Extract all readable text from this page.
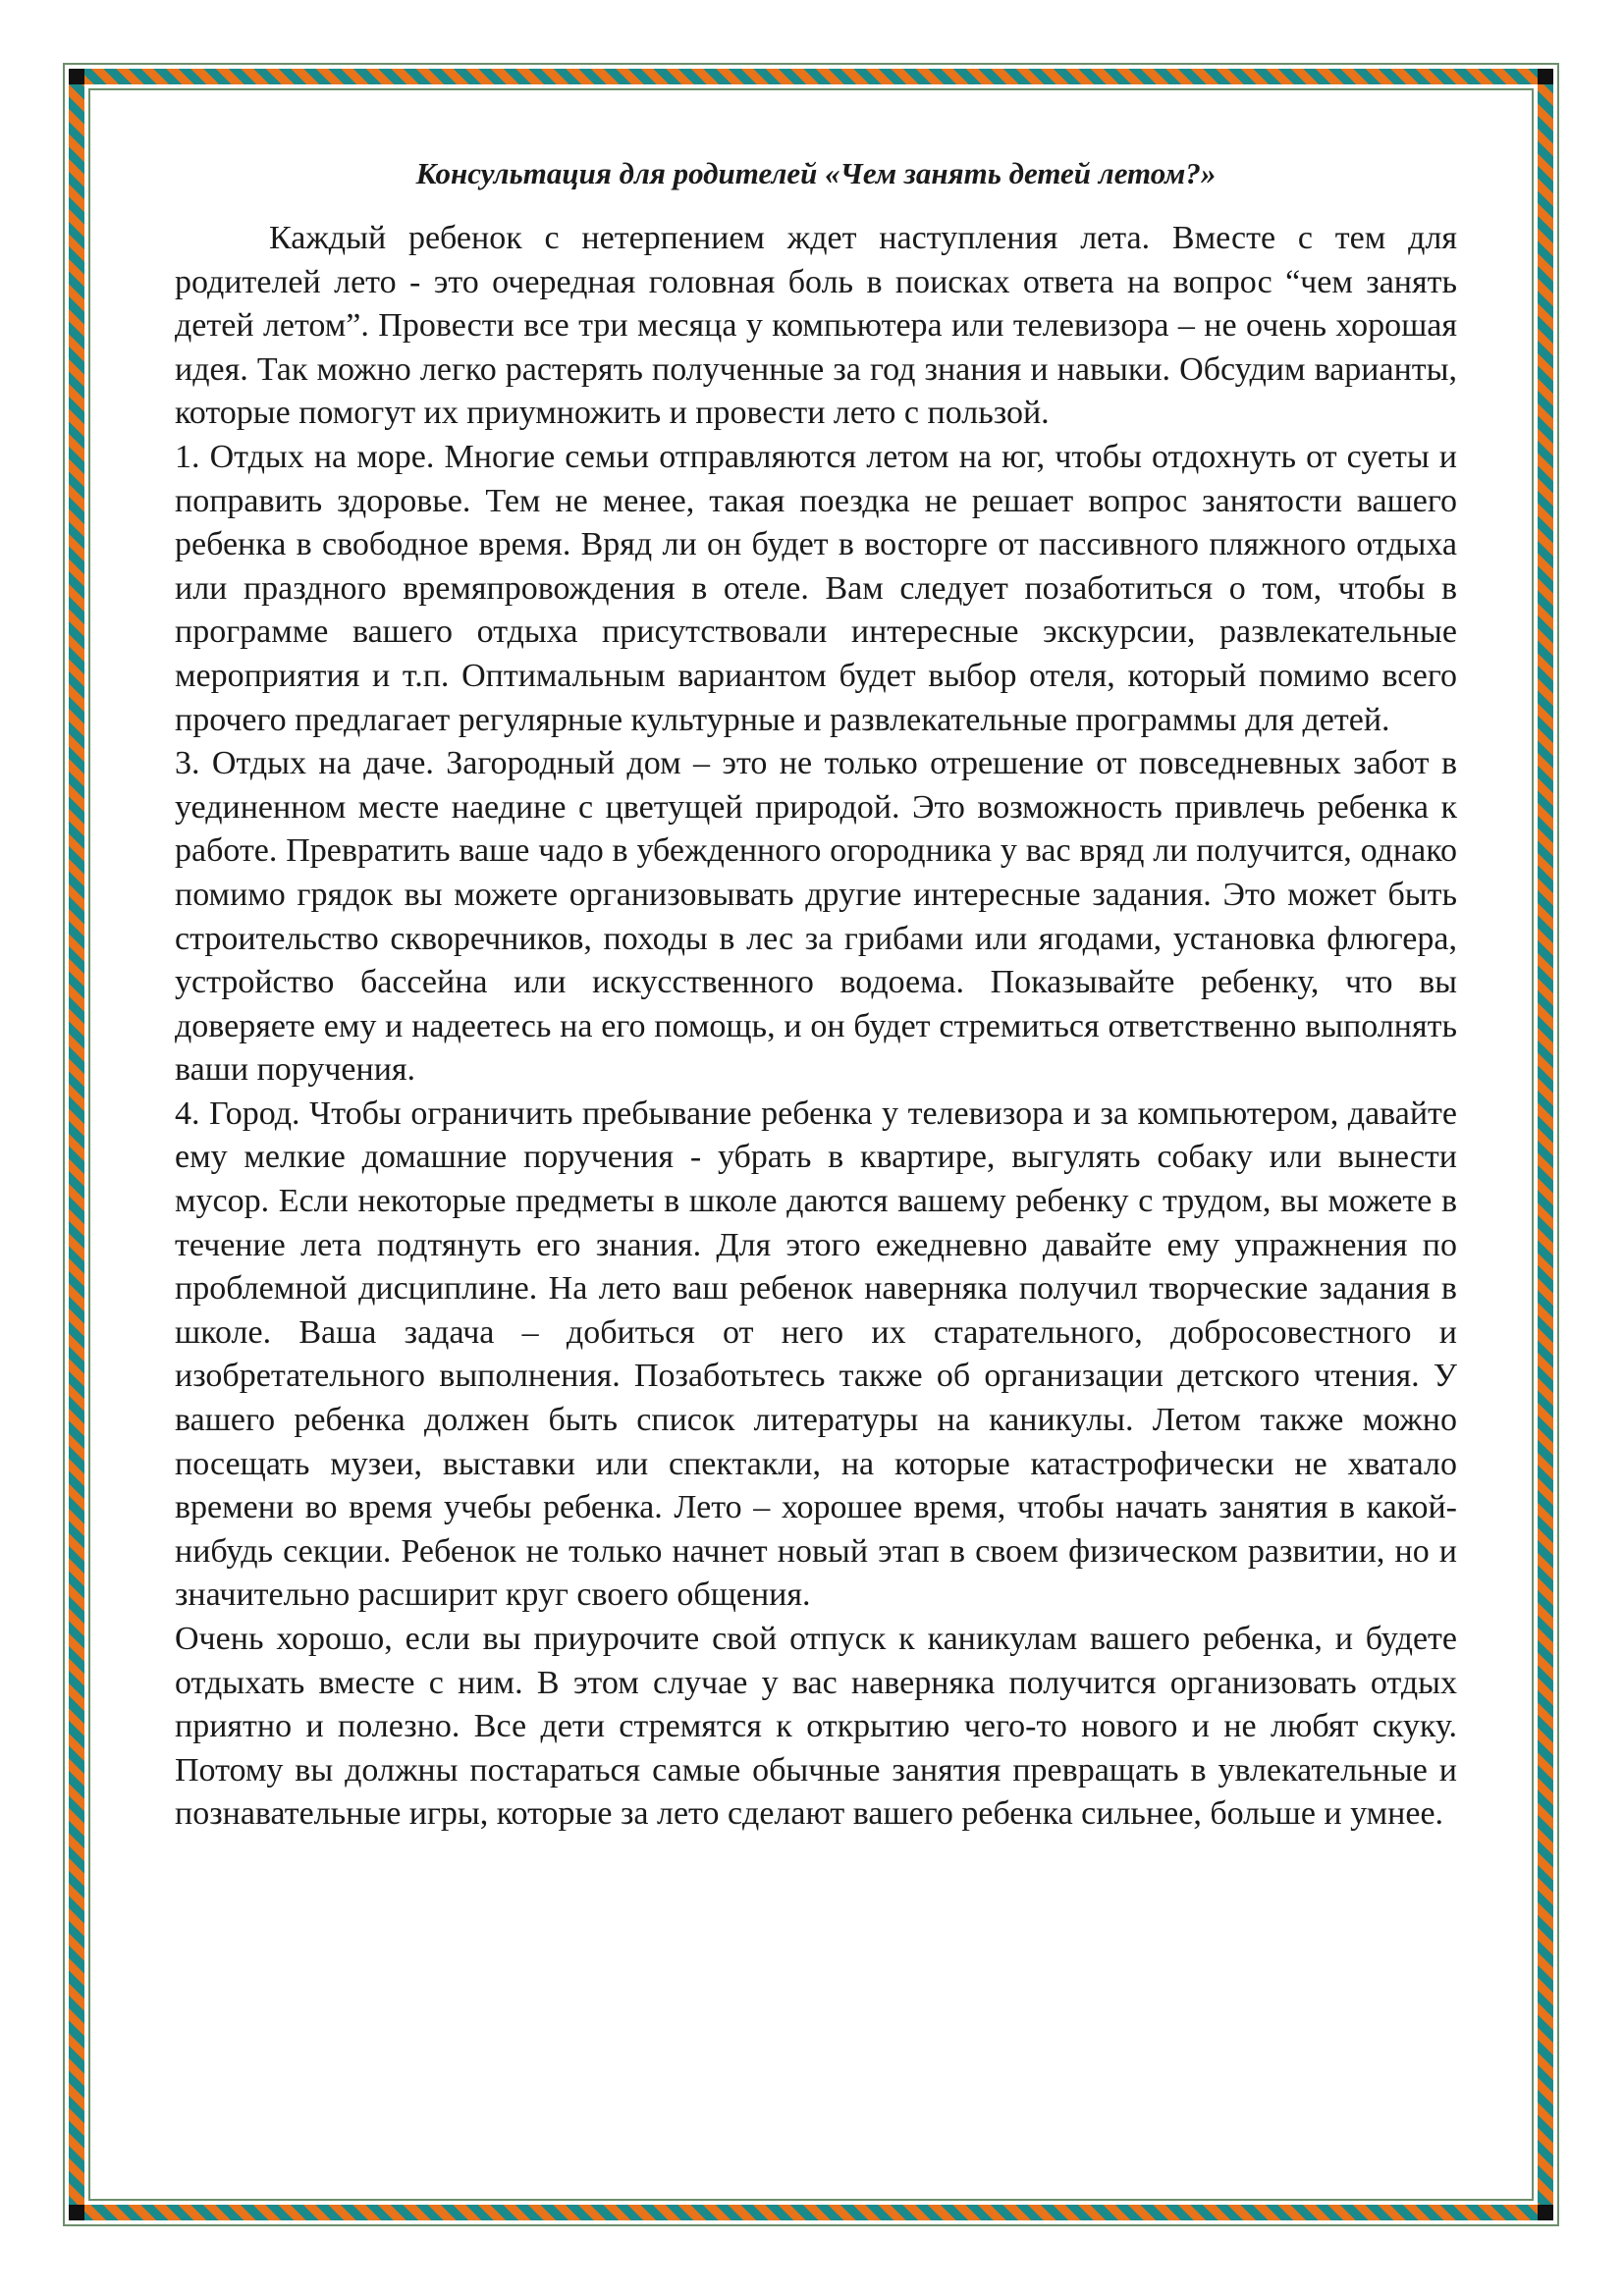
Консультация для родителей «Чем занять детей летом?»

Каждый ребенок с нетерпением ждет наступления лета. Вместе с тем для родителей лето - это очередная головная боль в поисках ответа на вопрос “чем занять детей летом”. Провести все три месяца у компьютера или телевизора – не очень хорошая идея. Так можно легко растерять полученные за год знания и навыки. Обсудим варианты, которые помогут их приумножить и провести лето с пользой.

1. Отдых на море. Многие семьи отправляются летом на юг, чтобы отдохнуть от суеты и поправить здоровье. Тем не менее, такая поездка не решает вопрос занятости вашего ребенка в свободное время. Вряд ли он будет в восторге от пассивного пляжного отдыха или праздного времяпровождения в отеле. Вам следует позаботиться о том, чтобы в программе вашего отдыха присутствовали интересные экскурсии, развлекательные мероприятия и т.п. Оптимальным вариантом будет выбор отеля, который помимо всего прочего предлагает регулярные культурные и развлекательные программы для детей.

3. Отдых на даче. Загородный дом – это не только отрешение от повседневных забот в уединенном месте наедине с цветущей природой. Это возможность привлечь ребенка к работе. Превратить ваше чадо в убежденного огородника у вас вряд ли получится, однако помимо грядок вы можете организовывать другие интересные задания. Это может быть строительство скворечников, походы в лес за грибами или ягодами, установка флюгера, устройство бассейна или искусственного водоема. Показывайте ребенку, что вы доверяете ему и надеетесь на его помощь, и он будет стремиться ответственно выполнять ваши поручения.

4. Город. Чтобы ограничить пребывание ребенка у телевизора и за компьютером, давайте ему мелкие домашние поручения - убрать в квартире, выгулять собаку или вынести мусор. Если некоторые предметы в школе даются вашему ребенку с трудом, вы можете в течение лета подтянуть его знания. Для этого ежедневно давайте ему упражнения по проблемной дисциплине. На лето ваш ребенок наверняка получил творческие задания в школе. Ваша задача – добиться от него их старательного, добросовестного и изобретательного выполнения. Позаботьтесь также об организации детского чтения. У вашего ребенка должен быть список литературы на каникулы. Летом также можно посещать музеи, выставки или спектакли, на которые катастрофически не хватало времени во время учебы ребенка. Лето – хорошее время, чтобы начать занятия в какой-нибудь секции. Ребенок не только начнет новый этап в своем физическом развитии, но и значительно расширит круг своего общения.

Очень хорошо, если вы приурочите свой отпуск к каникулам вашего ребенка, и будете отдыхать вместе с ним. В этом случае у вас наверняка получится организовать отдых приятно и полезно. Все дети стремятся к открытию чего-то нового и не любят скуку. Потому вы должны постараться самые обычные занятия превращать в увлекательные и познавательные игры, которые за лето сделают вашего ребенка сильнее, больше и умнее.
